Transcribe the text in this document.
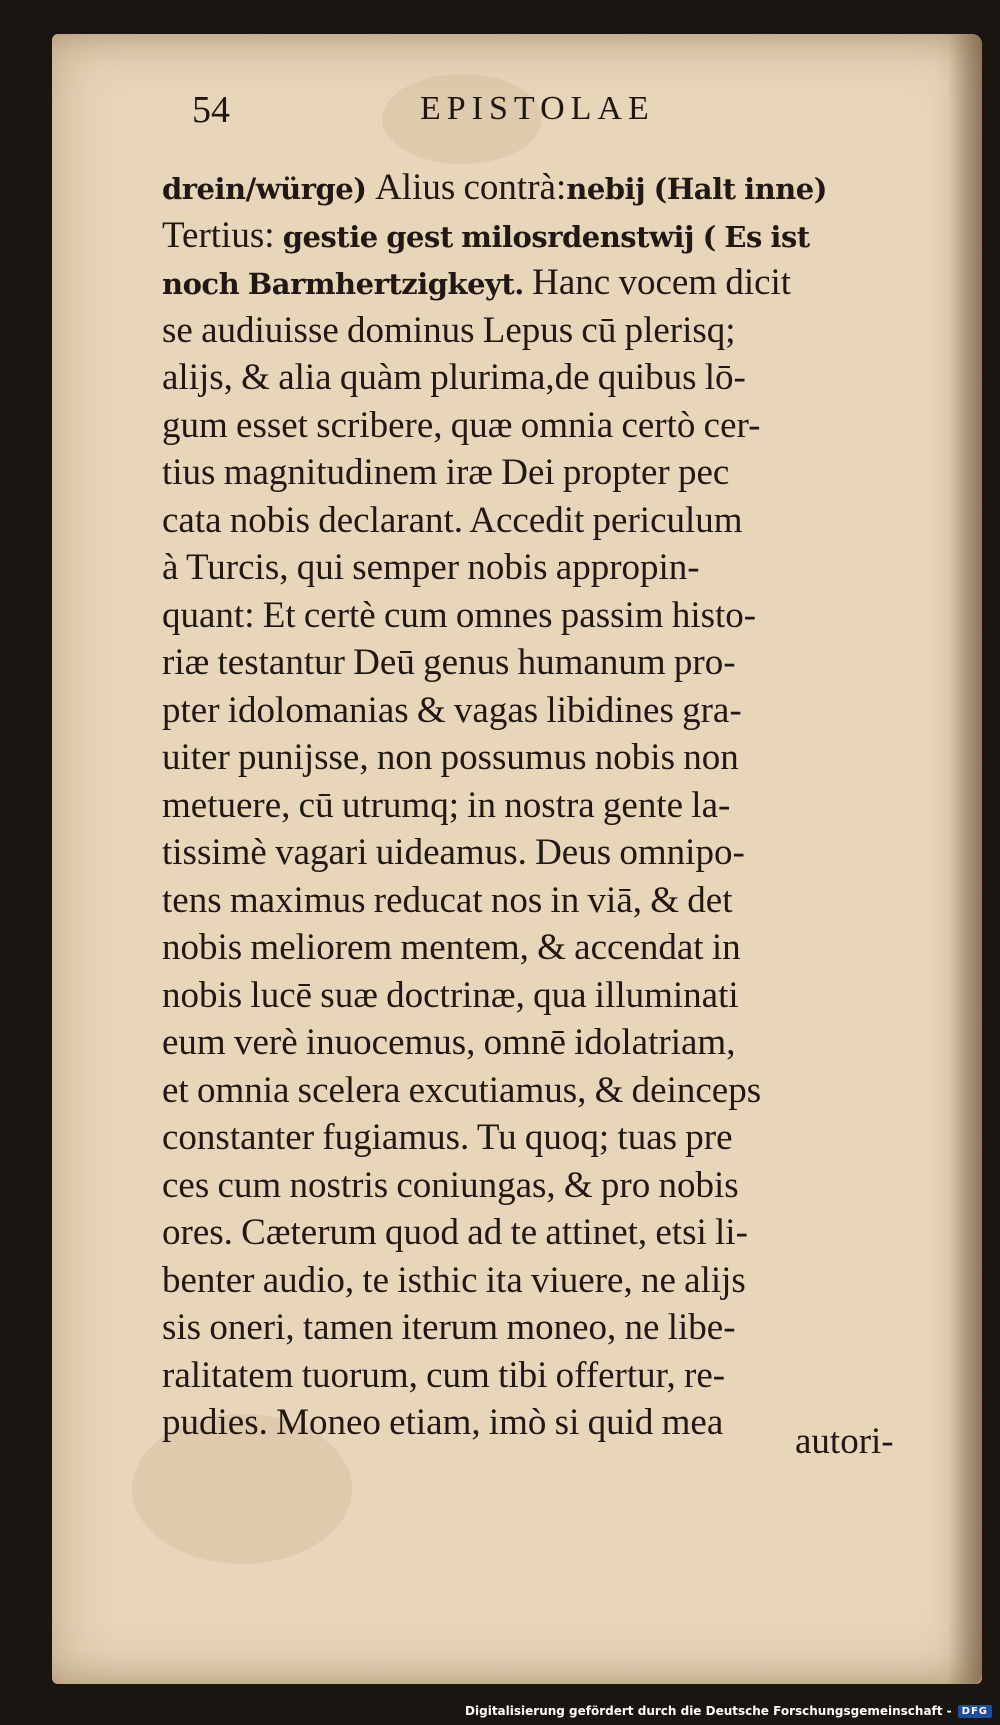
54	EPISTOLAE
drein/würge) Alius contrà:nebij (Halt inne)
Tertius: gestie gest milosrdenstwij ( Es ist
noch Barmhertzigkeyt. Hanc vocem dicit
se audiuisse dominus Lepus cū plerisq;
alijs, & alia quàm plurima,de quibus lō-
gum esset scribere, quæ omnia certò cer-
tius magnitudinem iræ Dei propter pec
cata nobis declarant. Accedit periculum
à Turcis, qui semper nobis appropin-
quant: Et certè cum omnes passim histo-
riæ testantur Deū genus humanum pro-
pter idolomanias & vagas libidines gra-
uiter punijsse, non possumus nobis non
metuere, cū utrumq; in nostra gente la-
tissimè vagari uideamus. Deus omnipo-
tens maximus reducat nos in viā, & det
nobis meliorem mentem, & accendat in
nobis lucē suæ doctrinæ, qua illuminati
eum verè inuocemus, omnē idolatriam,
et omnia scelera excutiamus, & deinceps
constanter fugiamus. Tu quoq; tuas pre
ces cum nostris coniungas, & pro nobis
ores. Cæterum quod ad te attinet, etsi li-
benter audio, te isthic ita viuere, ne alijs
sis oneri, tamen iterum moneo, ne libe-
ralitatem tuorum, cum tibi offertur, re-
pudies. Moneo etiam, imò si quid mea	autori-
Digitalisierung gefördert durch die Deutsche Forschungsgemeinschaft -	DFG
